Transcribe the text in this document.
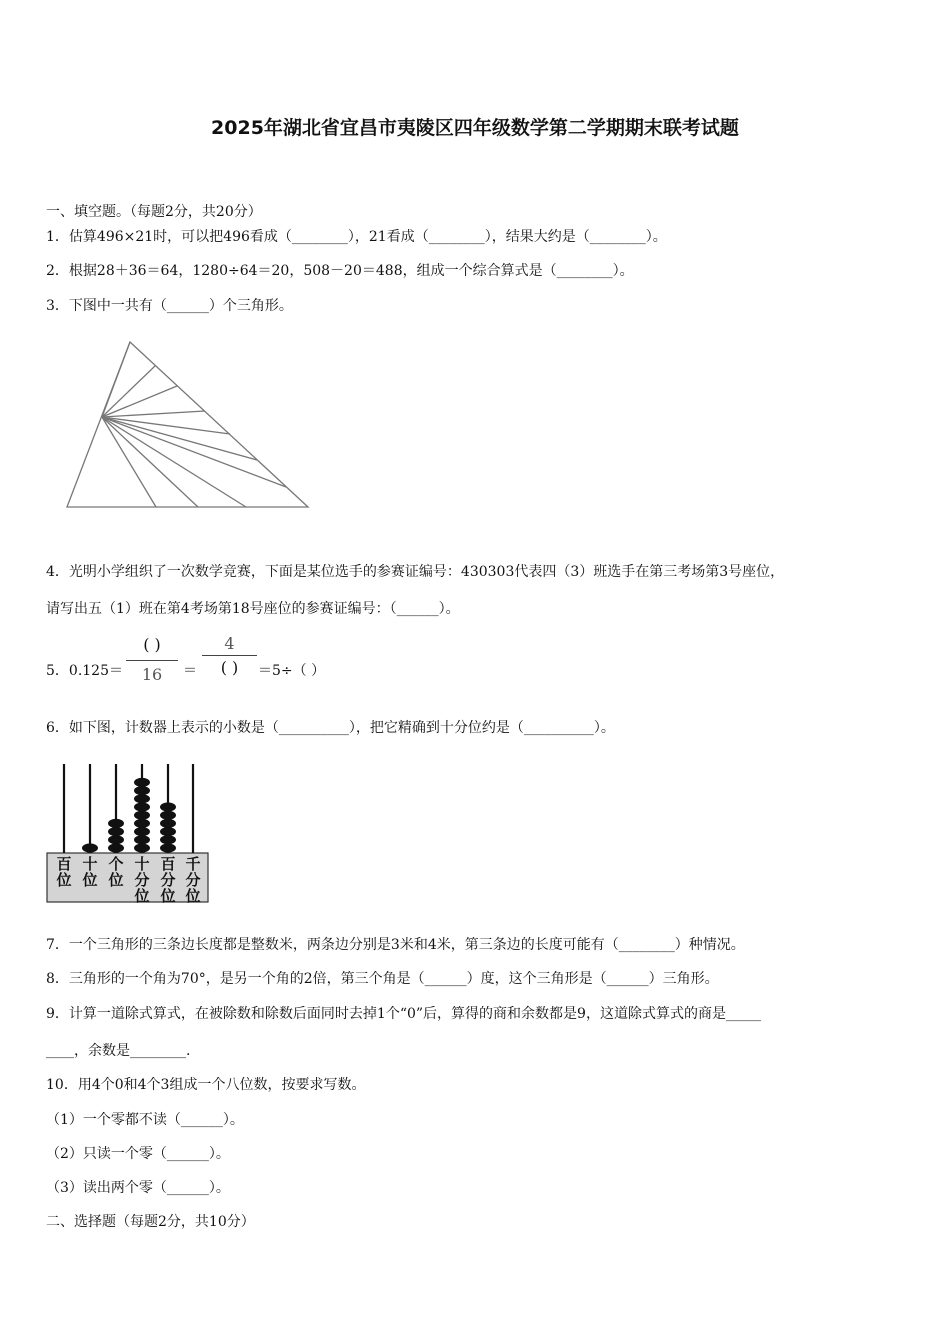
2025年湖北省宜昌市夷陵区四年级数学第二学期期末联考试题
一、填空题。（每题2分，共20分）
1．估算496×21时，可以把496看成（________），21看成（________），结果大约是（________）。
2．根据28＋36＝64，1280÷64＝20，508－20＝488，组成一个综合算式是（________）。
3．下图中一共有（______）个三角形。
4．光明小学组织了一次数学竞赛，下面是某位选手的参赛证编号：430303代表四（3）班选手在第三考场第3号座位，
请写出五（1）班在第4考场第18号座位的参赛证编号：（______）。
5．0.125＝
( )
16	＝
4
( )	＝5÷（ ）
6．如下图，计数器上表示的小数是（__________），把它精确到十分位约是（__________）。
百位
十位
个位
十分位
百分位
千分位
7．一个三角形的三条边长度都是整数米，两条边分别是3米和4米，第三条边的长度可能有（________）种情况。
8．三角形的一个角为70°，是另一个角的2倍，第三个角是（______）度，这个三角形是（______）三角形。
9．计算一道除式算式，在被除数和除数后面同时去掉1个“0”后，算得的商和余数都是9，这道除式算式的商是_____
____，余数是________.
10．用4个0和4个3组成一个八位数，按要求写数。
（1）一个零都不读（______）。
（2）只读一个零（______）。
（3）读出两个零（______）。
二、选择题（每题2分，共10分）
